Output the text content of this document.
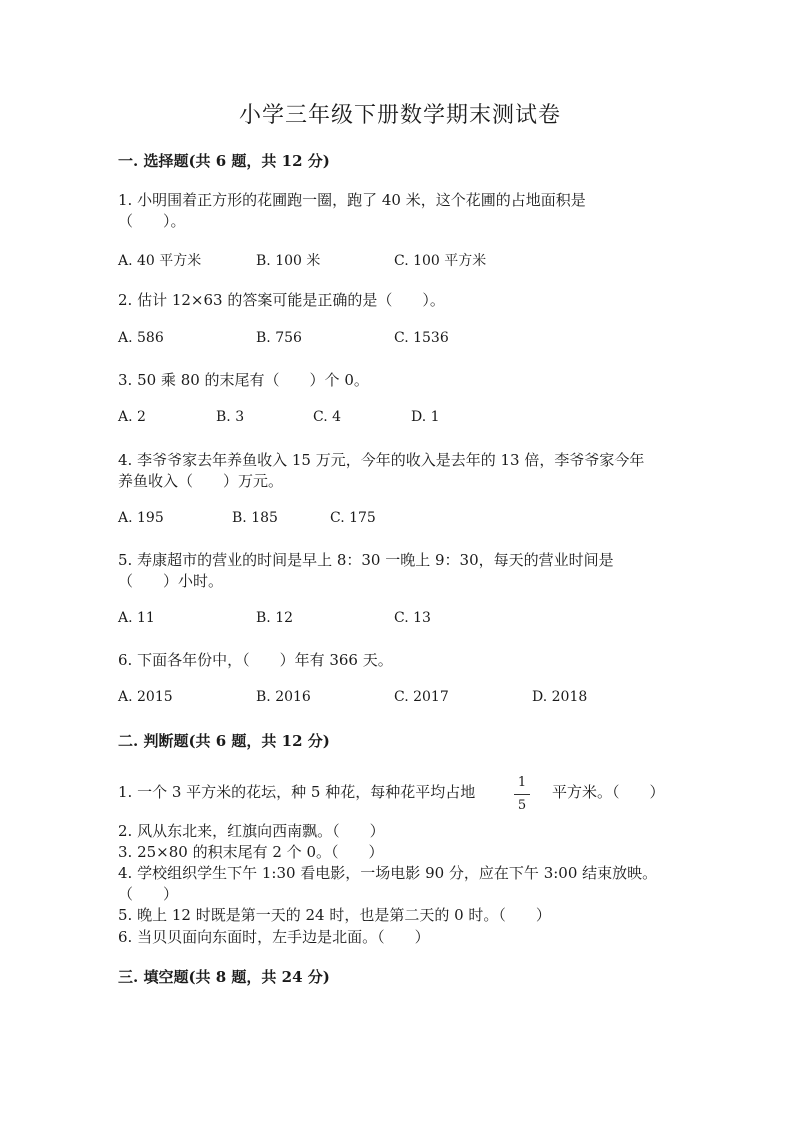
小学三年级下册数学期末测试卷
一. 选择题(共 6 题，共 12 分)
1. 小明围着正方形的花圃跑一圈，跑了 40 米，这个花圃的占地面积是
（　　）。
A. 40 平方米	B. 100 米	C. 100 平方米
2. 估计 12×63 的答案可能是正确的是（　　）。
A. 586	B. 756	C. 1536
3. 50 乘 80 的末尾有（　　）个 0。
A. 2	B. 3	C. 4	D. 1
4. 李爷爷家去年养鱼收入 15 万元，今年的收入是去年的 13 倍，李爷爷家今年
养鱼收入（　　）万元。
A. 195	B. 185	C. 175
5. 寿康超市的营业的时间是早上 8：30 一晚上 9：30，每天的营业时间是
（　　）小时。
A. 11	B. 12	C. 13
6. 下面各年份中，（　　）年有 366 天。
A. 2015	B. 2016	C. 2017	D. 2018
二. 判断题(共 6 题，共 12 分)
1. 一个 3 平方米的花坛，种 5 种花，每种花平均占地
1
5
平方米。（　　）
2. 风从东北来，红旗向西南飘。（　　）
3. 25×80 的积末尾有 2 个 0。（　　）
4. 学校组织学生下午 1:30 看电影，一场电影 90 分，应在下午 3:00 结束放映。
（　　）
5. 晚上 12 时既是第一天的 24 时，也是第二天的 0 时。（　　）
6. 当贝贝面向东面时，左手边是北面。（　　）
三. 填空题(共 8 题，共 24 分)
